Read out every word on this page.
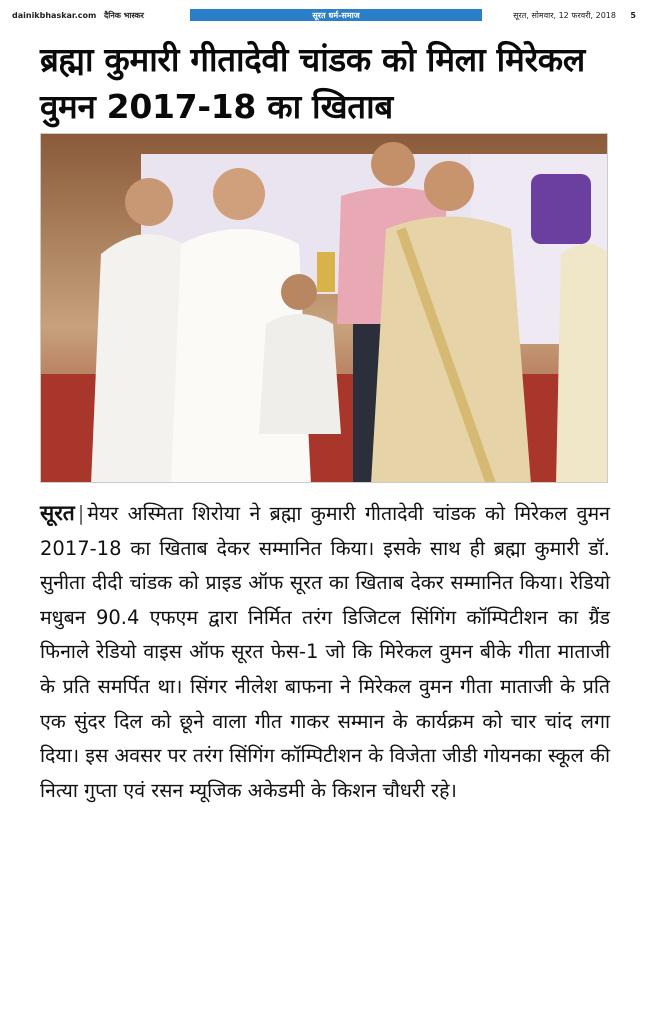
dainikbhaskar.com दैनिक भास्कर	सूरत धर्म-समाज	सूरत, सोमवार, 12 फरवरी, 2018	5
ब्रह्मा कुमारी गीतादेवी चांडक को मिला मिरेकल वुमन 2017-18 का खिताब
सूरत | मेयर अस्मिता शिरोया ने ब्रह्मा कुमारी गीतादेवी चांडक को मिरेकल वुमन 2017-18 का खिताब देकर सम्मानित किया। इसके साथ ही ब्रह्मा कुमारी डॉ. सुनीता दीदी चांडक को प्राइड ऑफ सूरत का खिताब देकर सम्मानित किया। रेडियो मधुबन 90.4 एफएम द्वारा निर्मित तरंग डिजिटल सिंगिंग कॉम्पिटीशन का ग्रैंड फिनाले रेडियो वाइस ऑफ सूरत फेस-1 जो कि मिरेकल वुमन बीके गीता माताजी के प्रति समर्पित था। सिंगर नीलेश बाफना ने मिरेकल वुमन गीता माताजी के प्रति एक सुंदर दिल को छूने वाला गीत गाकर सम्मान के कार्यक्रम को चार चांद लगा दिया। इस अवसर पर तरंग सिंगिंग कॉम्पिटीशन के विजेता जीडी गोयनका स्कूल की नित्या गुप्ता एवं रसन म्यूजिक अकेडमी के किशन चौधरी रहे।
